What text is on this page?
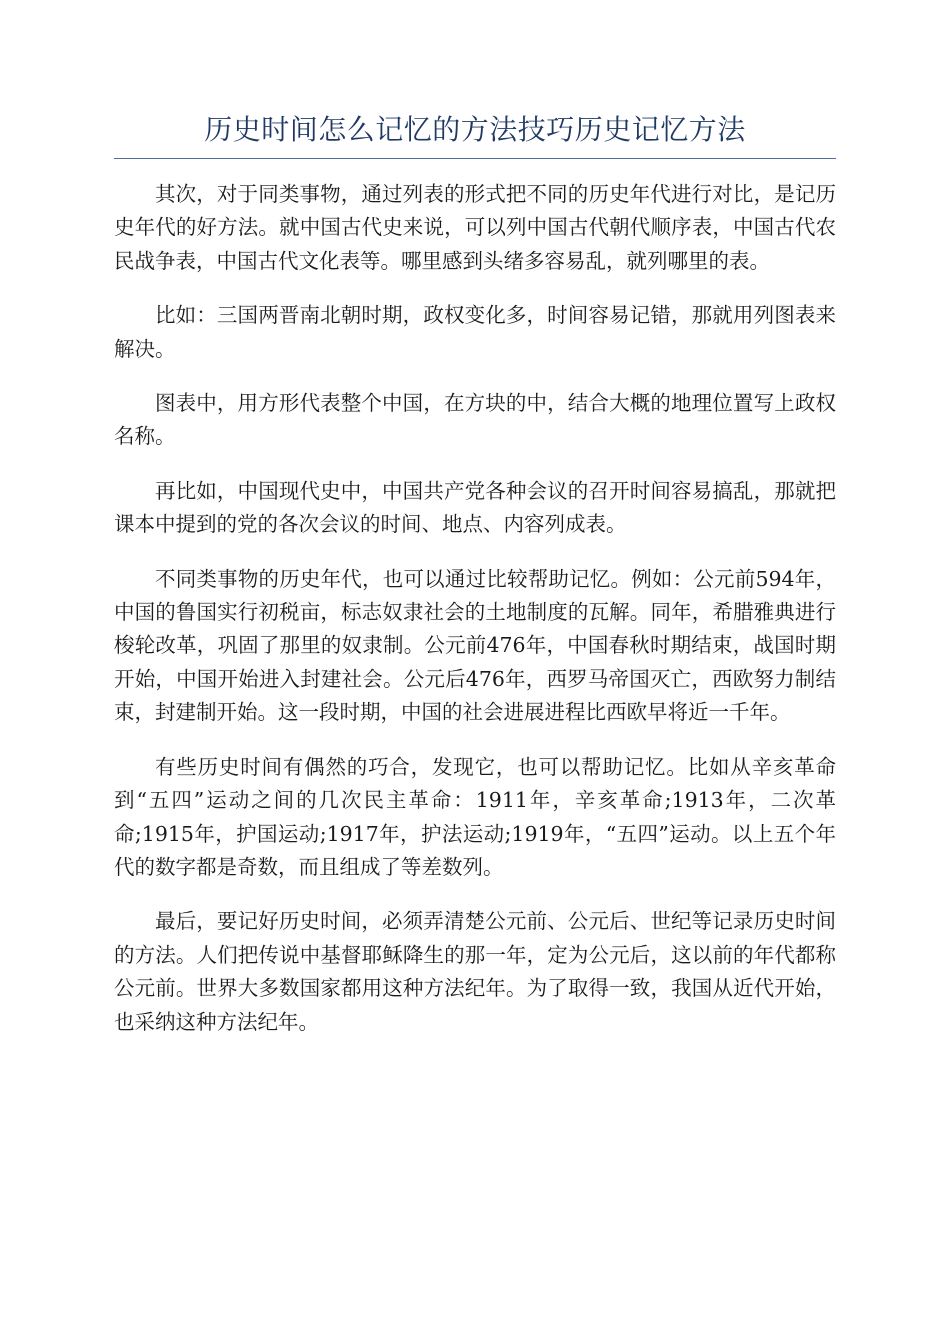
历史时间怎么记忆的方法技巧历史记忆方法

其次，对于同类事物，通过列表的形式把不同的历史年代进行对比，是记历史年代的好方法。就中国古代史来说，可以列中国古代朝代顺序表，中国古代农民战争表，中国古代文化表等。哪里感到头绪多容易乱，就列哪里的表。

比如：三国两晋南北朝时期，政权变化多，时间容易记错，那就用列图表来解决。

图表中，用方形代表整个中国，在方块的中，结合大概的地理位置写上政权名称。

再比如，中国现代史中，中国共产党各种会议的召开时间容易搞乱，那就把课本中提到的党的各次会议的时间、地点、内容列成表。

不同类事物的历史年代，也可以通过比较帮助记忆。例如：公元前594年，中国的鲁国实行初税亩，标志奴隶社会的土地制度的瓦解。同年，希腊雅典进行梭轮改革，巩固了那里的奴隶制。公元前476年，中国春秋时期结束，战国时期开始，中国开始进入封建社会。公元后476年，西罗马帝国灭亡，西欧努力制结束，封建制开始。这一段时期，中国的社会进展进程比西欧早将近一千年。

有些历史时间有偶然的巧合，发现它，也可以帮助记忆。比如从辛亥革命到“五四”运动之间的几次民主革命：1911年，辛亥革命;1913年，二次革命;1915年，护国运动;1917年，护法运动;1919年，“五四”运动。以上五个年代的数字都是奇数，而且组成了等差数列。

最后，要记好历史时间，必须弄清楚公元前、公元后、世纪等记录历史时间的方法。人们把传说中基督耶稣降生的那一年，定为公元后，这以前的年代都称公元前。世界大多数国家都用这种方法纪年。为了取得一致，我国从近代开始，也采纳这种方法纪年。
